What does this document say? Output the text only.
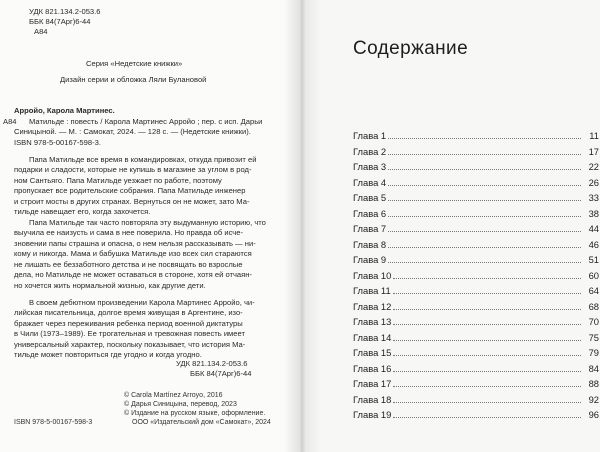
УДК 821.134.2-053.6
ББК 84(7Арг)6-44
А84
Серия «Недетские книжки»
Дизайн серии и обложка Ляли Булановой
Арройо, Карола Мартинес.
А84 Матильде : повесть / Карола Мартинес Арройо ; пер. с исп. Дарьи
Синицыной. — М. : Самокат, 2024. — 128 с. — (Недетские книжки).
ISBN 978-5-00167-598-3.
Папа Матильде все время в командировках, откуда привозит ей
подарки и сладости, которые не купишь в магазине за углом в род-
ном Сантьяго. Папа Матильде уезжает по работе, поэтому
пропускает все родительские собрания. Папа Матильде инженер
и строит мосты в других странах. Вернуться он не может, зато Ма-
тильде навещает его, когда захочется.
Папа Матильде так часто повторяла эту выдуманную историю, что
выучила ее наизусть и сама в нее поверила. Но правда об исче-
зновении папы страшна и опасна, о нем нельзя рассказывать — ни-
кому и никогда. Мама и бабушка Матильде изо всех сил стараются
не лишать ее беззаботного детства и не посвящать во взрослые
дела, но Матильде не может оставаться в стороне, хотя ей отчаян-
но хочется жить нормальной жизнью, как другие дети.
В своем дебютном произведении Карола Мартинес Арройо, чи-
лийская писательница, долгое время живущая в Аргентине, изо-
бражает через переживания ребенка период военной диктатуры
в Чили (1973–1989). Ее трогательная и тревожная повесть имеет
универсальный характер, поскольку показывает, что история Ма-
тильде может повториться где угодно и когда угодно.
УДК 821.134.2-053.6
ББК 84(7Арг)6-44
© Carola Martínez Arroyo, 2016
© Дарья Синицына, перевод, 2023
© Издание на русском языке, оформление.
ООО «Издательский дом «Самокат», 2024
ISBN 978-5-00167-598-3
Содержание
Глава 1	11
Глава 2	17
Глава 3	22
Глава 4	26
Глава 5	33
Глава 6	38
Глава 7	44
Глава 8	46
Глава 9	51
Глава 10	60
Глава 11	64
Глава 12	68
Глава 13	70
Глава 14	75
Глава 15	79
Глава 16	84
Глава 17	88
Глава 18	92
Глава 19	96
